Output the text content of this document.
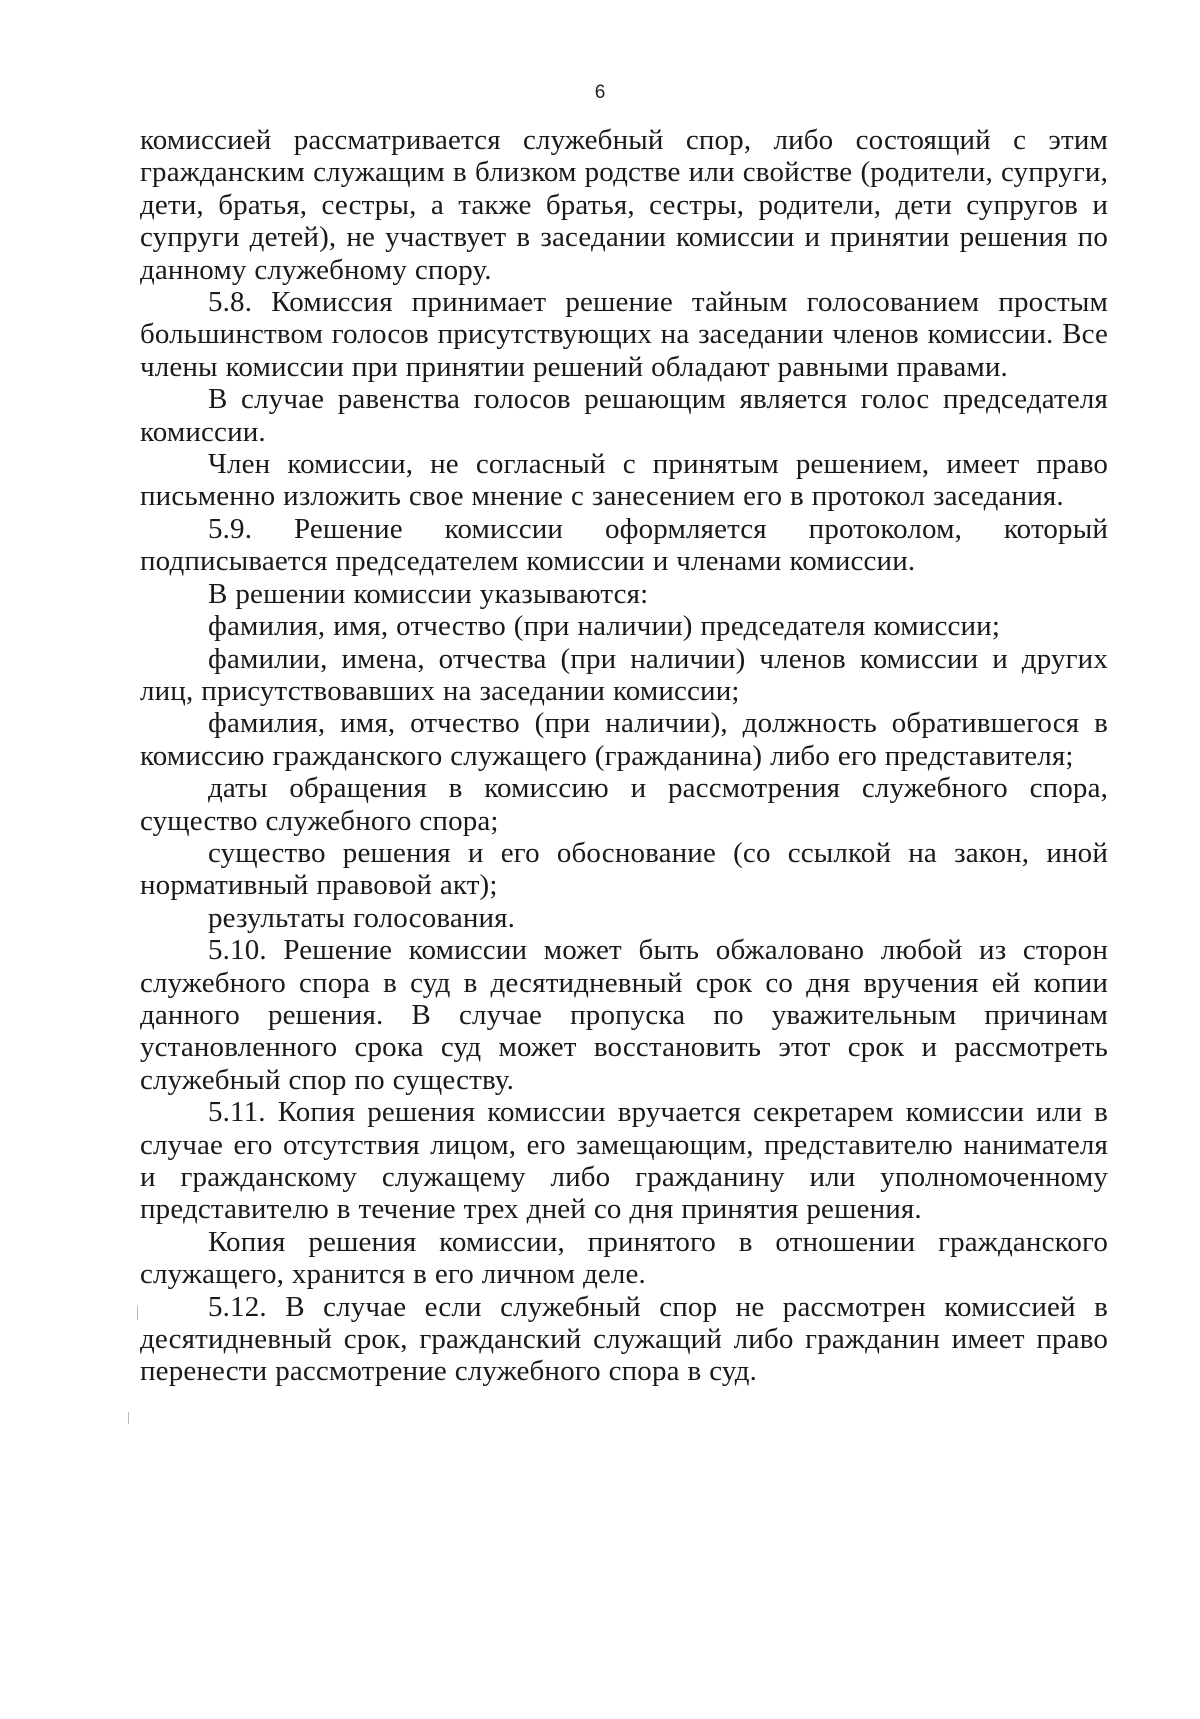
6

комиссией рассматривается служебный спор, либо состоящий с этим гражданским служащим в близком родстве или свойстве (родители, супруги, дети, братья, сестры, а также братья, сестры, родители, дети супругов и супруги детей), не участвует в заседании комиссии и принятии решения по данному служебному спору.

5.8. Комиссия принимает решение тайным голосованием простым большинством голосов присутствующих на заседании членов комиссии. Все члены комиссии при принятии решений обладают равными правами.

В случае равенства голосов решающим является голос председателя комиссии.

Член комиссии, не согласный с принятым решением, имеет право письменно изложить свое мнение с занесением его в протокол заседания.

5.9. Решение комиссии оформляется протоколом, который подписывается председателем комиссии и членами комиссии.

В решении комиссии указываются:

фамилия, имя, отчество (при наличии) председателя комиссии;

фамилии, имена, отчества (при наличии) членов комиссии и других лиц, присутствовавших на заседании комиссии;

фамилия, имя, отчество (при наличии), должность обратившегося в комиссию гражданского служащего (гражданина) либо его представителя;

даты обращения в комиссию и рассмотрения служебного спора, существо служебного спора;

существо решения и его обоснование (со ссылкой на закон, иной нормативный правовой акт);

результаты голосования.

5.10. Решение комиссии может быть обжаловано любой из сторон служебного спора в суд в десятидневный срок со дня вручения ей копии данного решения. В случае пропуска по уважительным причинам установленного срока суд может восстановить этот срок и рассмотреть служебный спор по существу.

5.11. Копия решения комиссии вручается секретарем комиссии или в случае его отсутствия лицом, его замещающим, представителю нанимателя и гражданскому служащему либо гражданину или уполномоченному представителю в течение трех дней со дня принятия решения.

Копия решения комиссии, принятого в отношении гражданского служащего, хранится в его личном деле.

5.12. В случае если служебный спор не рассмотрен комиссией в десятидневный срок, гражданский служащий либо гражданин имеет право перенести рассмотрение служебного спора в суд.
